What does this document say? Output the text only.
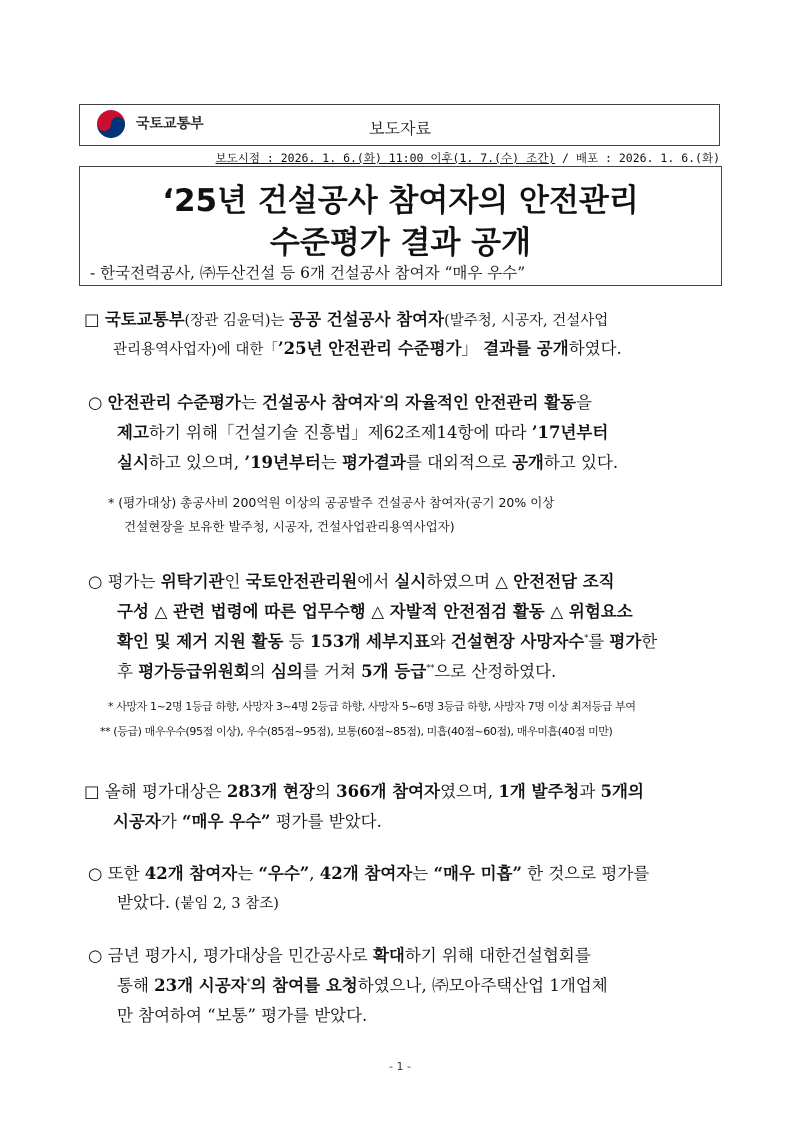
국토교통부	보도자료
보도시점 : 2026. 1. 6.(화) 11:00 이후(1. 7.(수) 조간) / 배포 : 2026. 1. 6.(화)
‘25년 건설공사 참여자의 안전관리
수준평가 결과 공개
- 한국전력공사, ㈜두산건설 등 6개 건설공사 참여자 “매우 우수”
□ 국토교통부(장관 김윤덕)는 공공 건설공사 참여자(발주청, 시공자, 건설사업
관리용역사업자)에 대한「’25년 안전관리 수준평가」 결과를 공개하였다.
○ 안전관리 수준평가는 건설공사 참여자*의 자율적인 안전관리 활동을
제고하기 위해「건설기술 진흥법」제62조제14항에 따라 ’17년부터
실시하고 있으며, ’19년부터는 평가결과를 대외적으로 공개하고 있다.
* (평가대상) 총공사비 200억원 이상의 공공발주 건설공사 참여자(공기 20% 이상
건설현장을 보유한 발주청, 시공자, 건설사업관리용역사업자)
○ 평가는 위탁기관인 국토안전관리원에서 실시하였으며 △ 안전전담 조직
구성 △ 관련 법령에 따른 업무수행 △ 자발적 안전점검 활동 △ 위험요소
확인 및 제거 지원 활동 등 153개 세부지표와 건설현장 사망자수*를 평가한
후 평가등급위원회의 심의를 거쳐 5개 등급**으로 산정하였다.
* 사망자 1~2명 1등급 하향, 사망자 3~4명 2등급 하향, 사망자 5~6명 3등급 하향, 사망자 7명 이상 최저등급 부여
** (등급) 매우우수(95점 이상), 우수(85점~95점), 보통(60점~85점), 미흡(40점~60점), 매우미흡(40점 미만)
□ 올해 평가대상은 283개 현장의 366개 참여자였으며, 1개 발주청과 5개의
시공자가 “매우 우수” 평가를 받았다.
○ 또한 42개 참여자는 “우수”, 42개 참여자는 “매우 미흡” 한 것으로 평가를
받았다. (붙임 2, 3 참조)
○ 금년 평가시, 평가대상을 민간공사로 확대하기 위해 대한건설협회를
통해 23개 시공자*의 참여를 요청하였으나, ㈜모아주택산업 1개업체
만 참여하여 “보통” 평가를 받았다.
- 1 -
